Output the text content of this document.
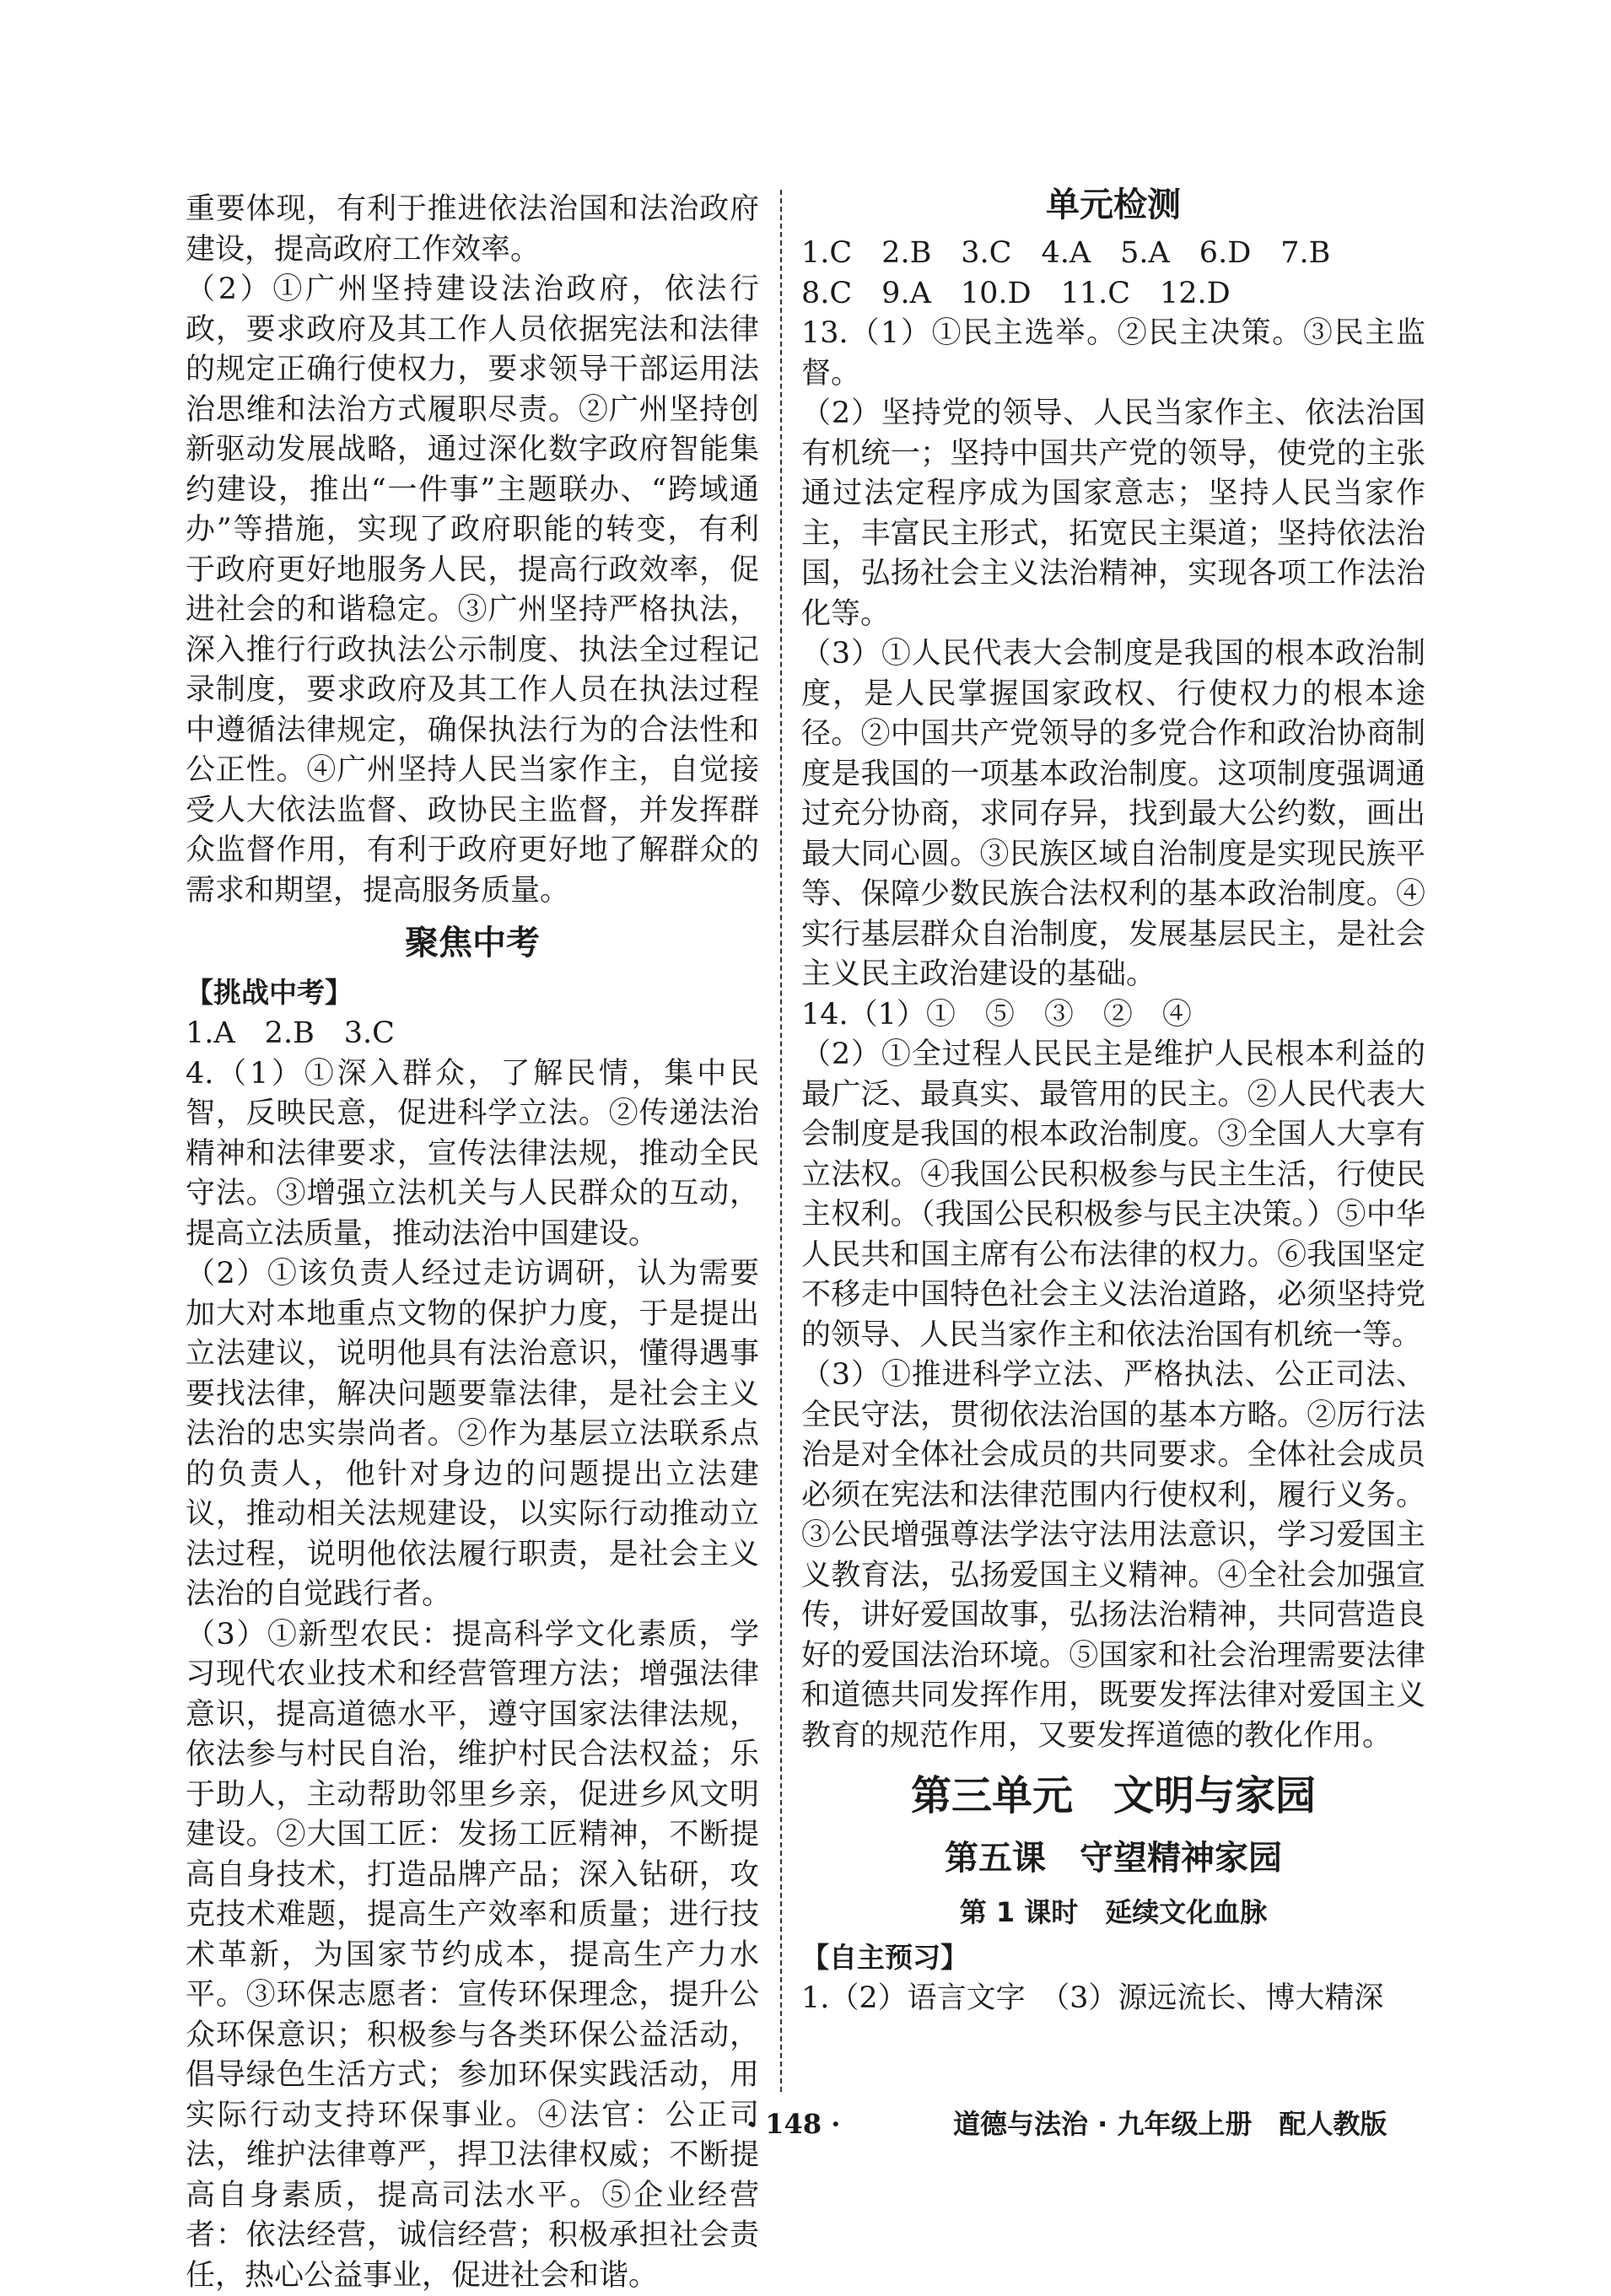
重要体现，有利于推进依法治国和法治政府建设，提高政府工作效率。

（2）①广州坚持建设法治政府，依法行政，要求政府及其工作人员依据宪法和法律的规定正确行使权力，要求领导干部运用法治思维和法治方式履职尽责。②广州坚持创新驱动发展战略，通过深化数字政府智能集约建设，推出“一件事”主题联办、“跨域通办”等措施，实现了政府职能的转变，有利于政府更好地服务人民，提高行政效率，促进社会的和谐稳定。③广州坚持严格执法，深入推行行政执法公示制度、执法全过程记录制度，要求政府及其工作人员在执法过程中遵循法律规定，确保执法行为的合法性和公正性。④广州坚持人民当家作主，自觉接受人大依法监督、政协民主监督，并发挥群众监督作用，有利于政府更好地了解群众的需求和期望，提高服务质量。

聚焦中考

【挑战中考】

1.A　2.B　3.C

4.（1）①深入群众，了解民情，集中民智，反映民意，促进科学立法。②传递法治精神和法律要求，宣传法律法规，推动全民守法。③增强立法机关与人民群众的互动，提高立法质量，推动法治中国建设。

（2）①该负责人经过走访调研，认为需要加大对本地重点文物的保护力度，于是提出立法建议，说明他具有法治意识，懂得遇事要找法律，解决问题要靠法律，是社会主义法治的忠实崇尚者。②作为基层立法联系点的负责人，他针对身边的问题提出立法建议，推动相关法规建设，以实际行动推动立法过程，说明他依法履行职责，是社会主义法治的自觉践行者。

（3）①新型农民：提高科学文化素质，学习现代农业技术和经营管理方法；增强法律意识，提高道德水平，遵守国家法律法规，依法参与村民自治，维护村民合法权益；乐于助人，主动帮助邻里乡亲，促进乡风文明建设。②大国工匠：发扬工匠精神，不断提高自身技术，打造品牌产品；深入钻研，攻克技术难题，提高生产效率和质量；进行技术革新，为国家节约成本，提高生产力水平。③环保志愿者：宣传环保理念，提升公众环保意识；积极参与各类环保公益活动，倡导绿色生活方式；参加环保实践活动，用实际行动支持环保事业。④法官：公正司法，维护法律尊严，捍卫法律权威；不断提高自身素质，提高司法水平。⑤企业经营者：依法经营，诚信经营；积极承担社会责任，热心公益事业，促进社会和谐。

单元检测

1.C　2.B　3.C　4.A　5.A　6.D　7.B

8.C　9.A　10.D　11.C　12.D

13.（1）①民主选举。②民主决策。③民主监督。

（2）坚持党的领导、人民当家作主、依法治国有机统一；坚持中国共产党的领导，使党的主张通过法定程序成为国家意志；坚持人民当家作主，丰富民主形式，拓宽民主渠道；坚持依法治国，弘扬社会主义法治精神，实现各项工作法治化等。

（3）①人民代表大会制度是我国的根本政治制度，是人民掌握国家政权、行使权力的根本途径。②中国共产党领导的多党合作和政治协商制度是我国的一项基本政治制度。这项制度强调通过充分协商，求同存异，找到最大公约数，画出最大同心圆。③民族区域自治制度是实现民族平等、保障少数民族合法权利的基本政治制度。④实行基层群众自治制度，发展基层民主，是社会主义民主政治建设的基础。

14.（1）①　⑤　③　②　④

（2）①全过程人民民主是维护人民根本利益的最广泛、最真实、最管用的民主。②人民代表大会制度是我国的根本政治制度。③全国人大享有立法权。④我国公民积极参与民主生活，行使民主权利。（我国公民积极参与民主决策。）⑤中华人民共和国主席有公布法律的权力。⑥我国坚定不移走中国特色社会主义法治道路，必须坚持党的领导、人民当家作主和依法治国有机统一等。

（3）①推进科学立法、严格执法、公正司法、全民守法，贯彻依法治国的基本方略。②厉行法治是对全体社会成员的共同要求。全体社会成员必须在宪法和法律范围内行使权利，履行义务。③公民增强尊法学法守法用法意识，学习爱国主义教育法，弘扬爱国主义精神。④全社会加强宣传，讲好爱国故事，弘扬法治精神，共同营造良好的爱国法治环境。⑤国家和社会治理需要法律和道德共同发挥作用，既要发挥法律对爱国主义教育的规范作用，又要发挥道德的教化作用。

第三单元　文明与家园
第五课　守望精神家园
第 1 课时　延续文化血脉

【自主预习】

1.（2）语言文字　（3）源远流长、博大精深

· 148 ·	道德与法治 · 九年级上册　配人教版
